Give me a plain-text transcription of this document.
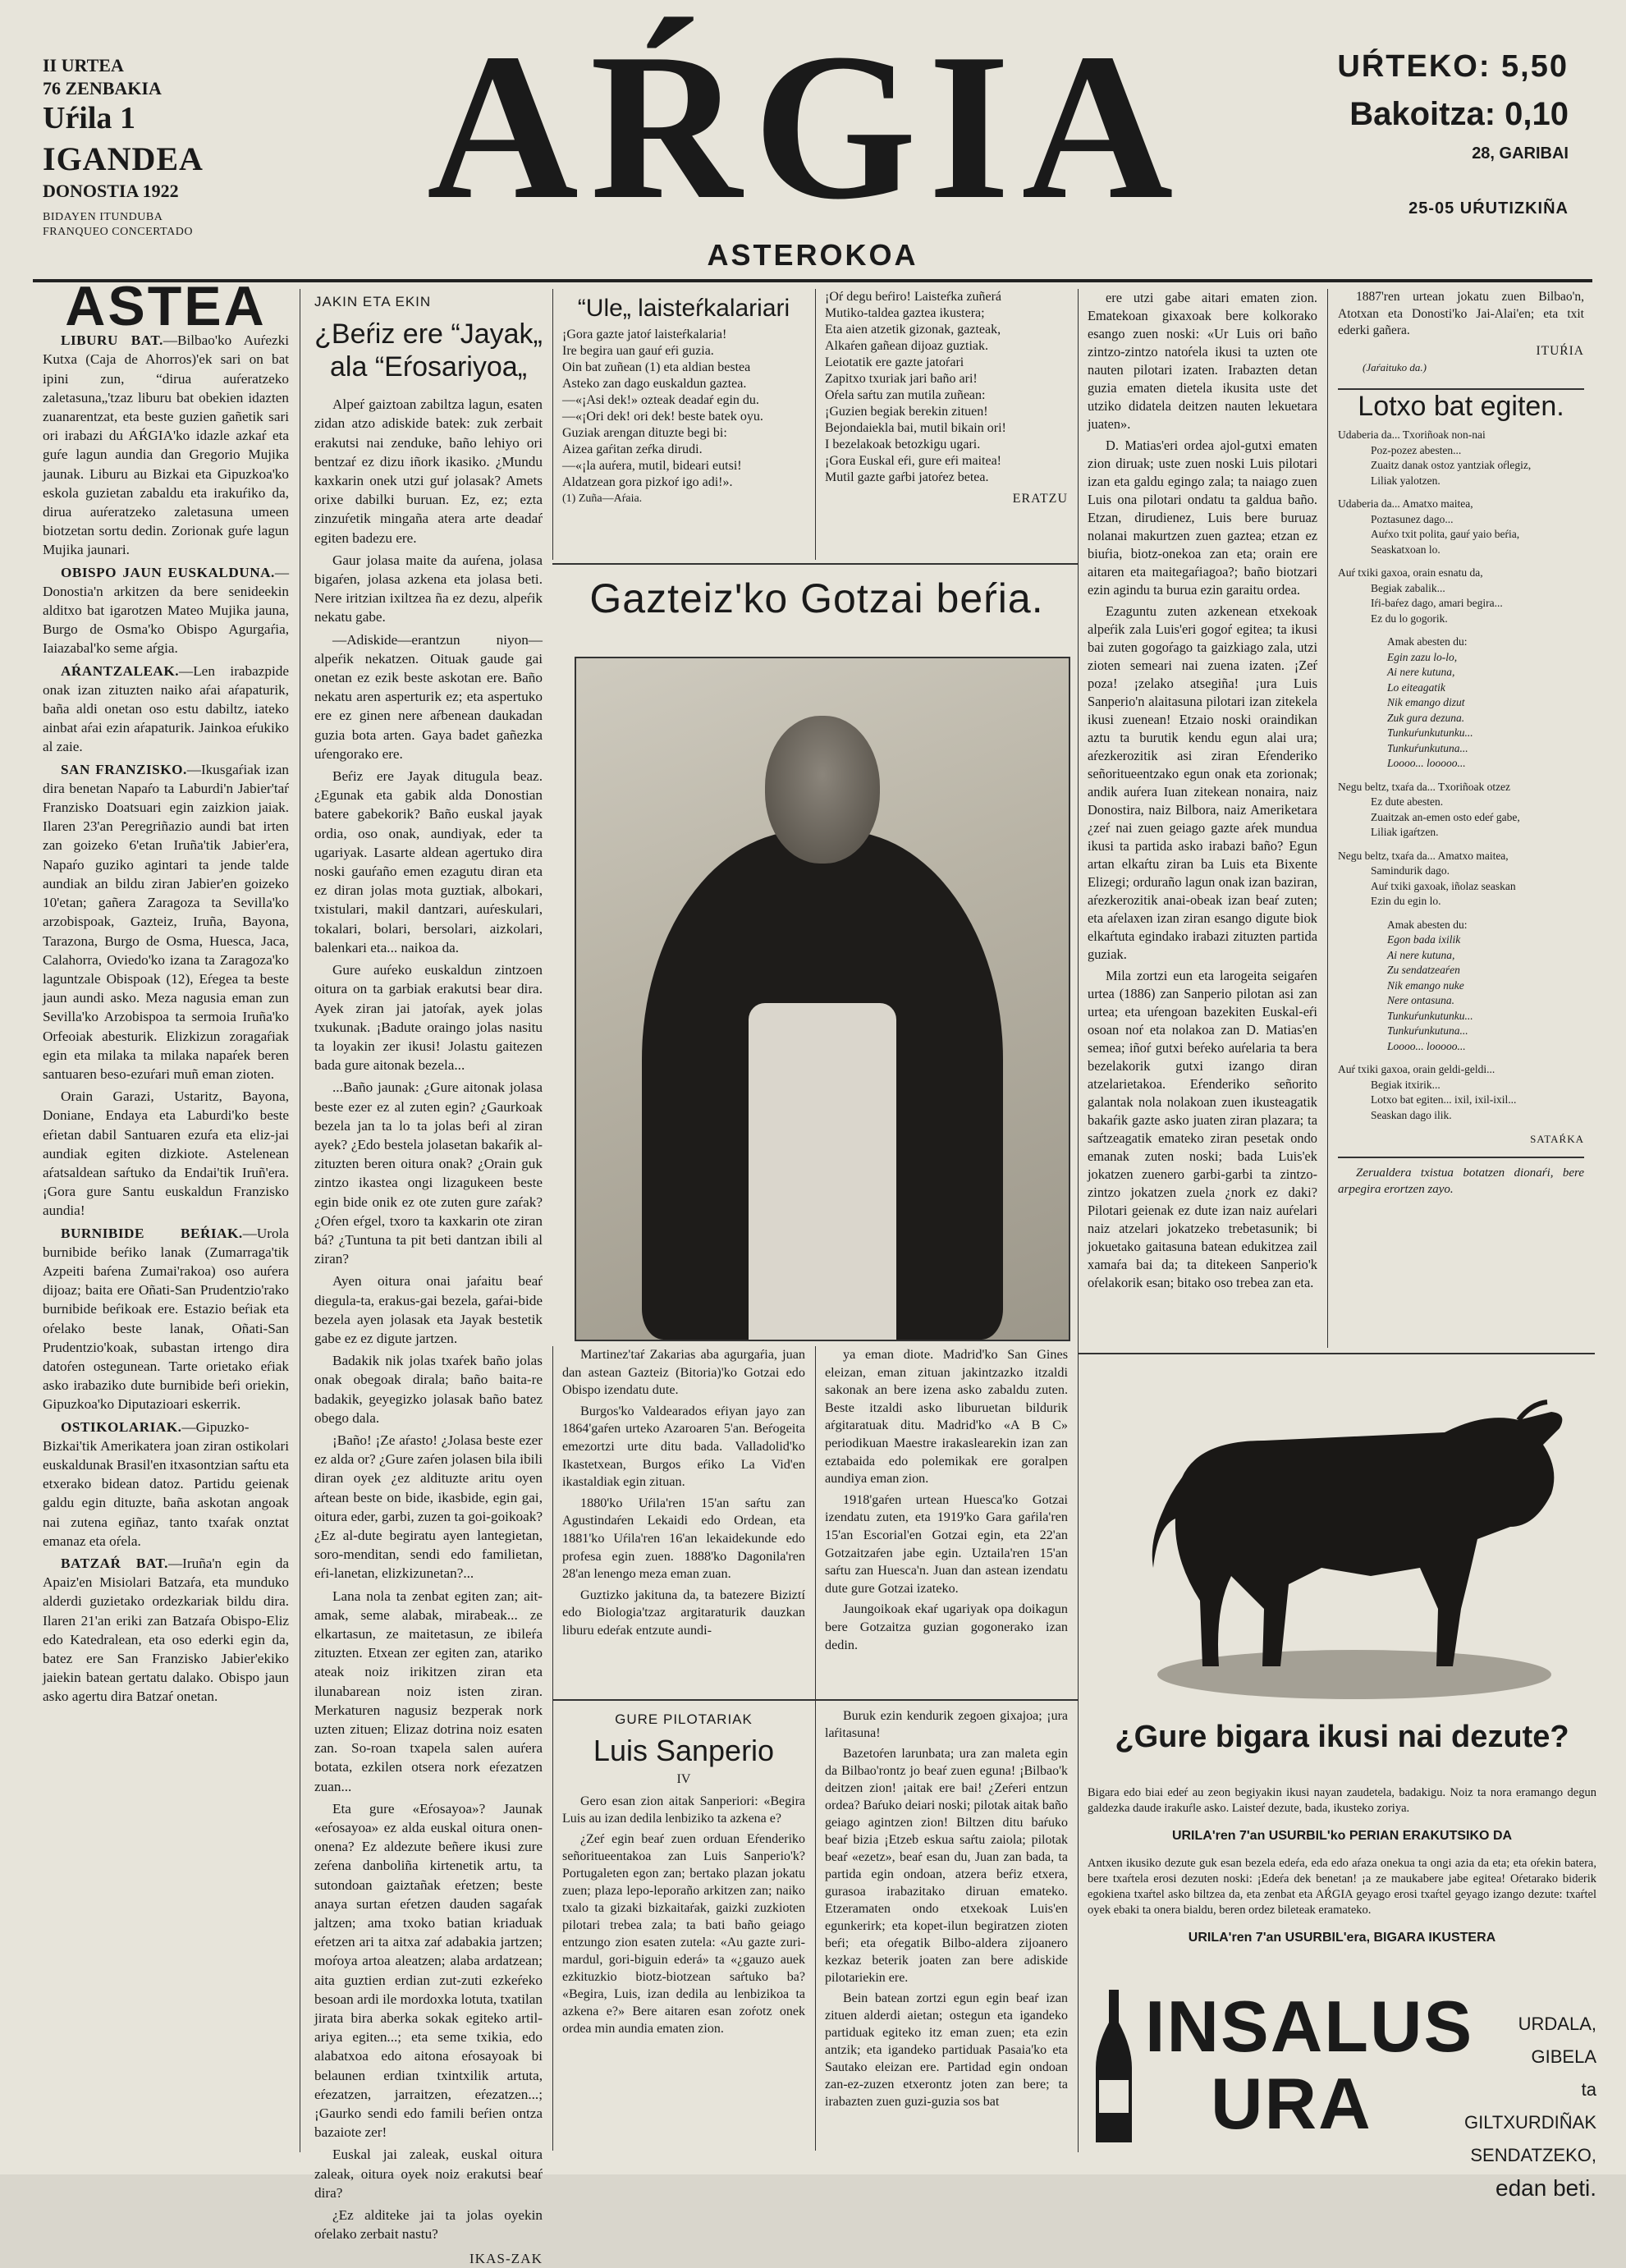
II URTEA
76 ZENBAKIA
Uŕila 1
IGANDEA
DONOSTIA 1922
BIDAYEN ITUNDUBA
FRANQUEO CONCERTADO AŔGIA
ASTEROKOA
UŔTEKO: 5,50
Bakoitza: 0,10
28, GARIBAI
25-05 UŔUTIZKIÑA
ASTEA

LIBURU BAT.—Bilbao'ko Auŕezki Kutxa (Caja de Ahorros)'ek sari on bat ipini zun, “dirua auŕeratzeko zaletasuna„'tzaz liburu bat obekien idazten zuanarentzat, eta beste guzien gañetik sari ori irabazi du AŔGIA'ko idazle azkaŕ eta guŕe lagun aundia dan Gregorio Mujika jaunak. Liburu au Bizkai eta Gipuzkoa'ko eskola guzietan zabaldu eta irakuŕiko da, dirua auŕeratzeko zaletasuna umeen biotzetan sortu dedin. Zorionak guŕe lagun Mujika jaunari.

OBISPO JAUN EUSKALDUNA.—Donostia'n arkitzen da bere senideekin alditxo bat igarotzen Mateo Mujika jauna, Burgo de Osma'ko Obispo Agurgaŕia, Iaiazabal'ko seme aŕgia.

AŔANTZALEAK.—Len irabazpide onak izan zituzten naiko aŕai aŕapaturik, baña aldi onetan oso estu dabiltz, iateko ainbat aŕai ezin aŕapaturik. Jainkoa eŕukiko al zaie.

SAN FRANZISKO.—Ikusgaŕiak izan dira benetan Napaŕo ta Laburdi'n Jabier'taŕ Franzisko Doatsuari egin zaizkion jaiak. Ilaren 23'an Peregriñazio aundi bat irten zan goizeko 6'etan Iruña'tik Jabier'era, Napaŕo guziko agintari ta jende talde aundiak an bildu ziran Jabier'en goizeko 10'etan; gañera Zaragoza ta Sevilla'ko arzobispoak, Gazteiz, Iruña, Bayona, Tarazona, Burgo de Osma, Huesca, Jaca, Calahorra, Oviedo'ko izana ta Zaragoza'ko laguntzale Obispoak (12), Eŕegea ta beste jaun aundi asko. Meza nagusia eman zun Sevilla'ko Arzobispoa ta sermoia Iruña'ko Orfeoiak abesturik. Elizkizun zoragaŕiak egin eta milaka ta milaka napaŕek beren santuaren beso-ezuŕari muñ eman zioten.

Orain Garazi, Ustaritz, Bayona, Doniane, Endaya eta Laburdi'ko beste eŕietan dabil Santuaren ezuŕa eta eliz-jai aundiak egiten dizkiote. Astelenean aŕatsaldean saŕtuko da Endai'tik Iruñ'era. ¡Gora gure Santu euskaldun Franzisko aundia!

BURNIBIDE BEŔIAK.—Urola burnibide beŕiko lanak (Zumarraga'tik Azpeiti baŕena Zumai'rakoa) oso auŕera dijoaz; baita ere Oñati-San Prudentzio'rako burnibide beŕikoak ere. Estazio beŕiak eta oŕelako beste lanak, Oñati-San Prudentzio'koak, subastan irtengo dira datoŕen ostegunean. Tarte orietako eŕiak asko irabaziko dute burnibide beŕi oriekin, Gipuzkoa'ko Diputazioari eskerrik.

OSTIKOLARIAK.—Gipuzko-Bizkai'tik Amerikatera joan ziran ostikolari euskaldunak Brasil'en itxasontzian saŕtu eta etxerako bidean datoz. Partidu geienak galdu egin dituzte, baña askotan angoak nai zutena egiñaz, tanto txaŕak onztat emanaz eta oŕela.

BATZAŔ BAT.—Iruña'n egin da Apaiz'en Misiolari Batzaŕa, eta munduko alderdi guzietako ordezkariak bildu dira. Ilaren 21'an eriki zan Batzaŕa Obispo-Eliz edo Katedralean, eta oso ederki egin da, batez ere San Franzisko Jabier'ekiko jaiekin batean gertatu dalako. Obispo jaun asko agertu dira Batzaŕ onetan.

JAKIN ETA EKIN
¿Beŕiz ere “Jayak„ ala “Eŕosariyoa„

Alpeŕ gaiztoan zabiltza lagun, esaten zidan atzo adiskide batek: zuk zerbait erakutsi nai zenduke, baño lehiyo ori bentzaŕ ez dizu iñork ikasiko. ¿Mundu kaxkarin onek utzi guŕ jolasak? Amets orixe dabilki buruan. Ez, ez; ezta zinzuŕetik mingaña atera arte deadaŕ egiten badezu ere.

Gaur jolasa maite da auŕena, jolasa bigaŕen, jolasa azkena eta jolasa beti. Nere iritzian ixiltzea ña ez dezu, alpeŕik nekatu gabe.

—Adiskide—erantzun niyon—alpeŕik nekatzen. Oituak gaude gai onetan ez ezik beste askotan ere. Baño nekatu aren asperturik ez; eta aspertuko ere ez ginen nere aŕbenean daukadan guzia bota arten. Gaya badet gañezka uŕengorako ere.

Beŕiz ere Jayak ditugula beaz. ¿Egunak eta gabik alda Donostian batere gabekorik? Baño euskal jayak ordia, oso onak, aundiyak, eder ta ugariyak. Lasarte aldean agertuko dira noski gauŕaño emen ezagutu diran eta ez diran jolas mota guztiak, albokari, txistulari, makil dantzari, auŕeskulari, tokalari, bolari, bersolari, aizkolari, balenkari eta... naikoa da.

Gure auŕeko euskaldun zintzoen oitura on ta garbiak erakutsi bear dira. Ayek ziran jai jatoŕak, ayek jolas txukunak. ¡Badute oraingo jolas nasitu ta loyakin zer ikusi! Jolastu gaitezen bada gure aitonak bezela...

...Baño jaunak: ¿Gure aitonak jolasa beste ezer ez al zuten egin? ¿Gaurkoak bezela jan ta lo ta jolas beŕi al ziran ayek? ¿Edo bestela jolasetan bakaŕik al-zituzten beren oitura onak? ¿Orain guk zintzo ikastea ongi lizagukeen beste egin bide onik ez ote zuten gure zaŕak? ¿Oŕen eŕgel, txoro ta kaxkarin ote ziran bá? ¿Tuntuna ta pit beti dantzan ibili al ziran?

Ayen oitura onai jaŕaitu beaŕ diegula-ta, erakus-gai bezela, gaŕai-bide bezela ayen jolasak eta Jayak bestetik gabe ez ez digute jartzen.

Badakik nik jolas txaŕek baño jolas onak obegoak dirala; baño baita-re badakik, geyegizko jolasak baño batez obego dala.

¡Baño! ¡Ze aŕasto! ¿Jolasa beste ezer ez alda or? ¿Gure zaŕen jolasen bila ibili diran oyek ¿ez aldituzte aritu oyen aŕtean beste on bide, ikasbide, egin gai, oitura eder, garbi, zuzen ta goi-goikoak? ¿Ez al-dute begiratu ayen lantegietan, soro-menditan, sendi edo familietan, eŕi-lanetan, elizkizunetan?...

Lana nola ta zenbat egiten zan; ait-amak, seme alabak, mirabeak... ze elkartasun, ze maitetasun, ze ibileŕa zituzten. Etxean zer egiten zan, atariko ateak noiz irikitzen ziran eta ilunabarean noiz isten ziran. Merkaturen nagusiz bezperak nork uzten zituen; Elizaz dotrina noiz esaten zan. So-roan txapela salen auŕera botata, ezkilen otsera nork eŕezatzen zuan...

Eta gure «Eŕosayoa»? Jaunak «eŕosayoa» ez alda euskal oitura onen-onena? Ez aldezute beñere ikusi zure zeŕena danboliña kirtenetik artu, ta sutondoan gaiztañak eŕetzen; beste anaya surtan eŕetzen dauden sagaŕak jaltzen; ama txoko batian kriaduak eŕetzen ari ta aitxa zaŕ adabakia jartzen; moŕoya artoa aleatzen; alaba ardatzean; aita guztien erdian zut-zuti ezkeŕeko besoan ardi ile mordoxka lotuta, txatilan jirata bira aberka sokak egiteko artil-ariya egiten...; eta seme txikia, edo alabatxoa edo aitona eŕosayoak bi belaunen erdian txintxilik artuta, eŕezatzen, jarraitzen, eŕezatzen...; ¡Gaurko sendi edo famili beŕien ontza bazaiote zer!

Euskal jai zaleak, euskal oitura zaleak, oitura oyek noiz erakutsi beaŕ dira?

¿Ez alditeke jai ta jolas oyekin oŕelako zerbait nastu?

IKAS-ZAK
“Ule„ laisteŕkalariari

¡Gora gazte jatoŕ laisteŕkalaria!

Ire begira uan gauŕ eŕi guzia.

Oin bat zuñean (1) eta aldian bestea

Asteko zan dago euskaldun gaztea.

—«¡Asi dek!» ozteak deadaŕ egin du.

—«¡Ori dek! ori dek! beste batek oyu.

Guziak arengan dituzte begi bi:

Aizea gaŕitan zeŕka dirudi.

—«¡la auŕera, mutil, bideari eutsi!

Aldatzean gora pizkoŕ igo adi!».

(1) Zuña—Aŕaia.

¡Oŕ degu beŕiro! Laisteŕka zuñerá

Mutiko-taldea gaztea ikustera;

Eta aien atzetik gizonak, gazteak,

Alkaŕen gañean dijoaz guztiak.

Leiotatik ere gazte jatoŕari

Zapitxo txuriak jari baño ari!

Oŕela saŕtu zan mutila zuñean:

¡Guzien begiak berekin zituen!

Bejondaiekla bai, mutil bikain ori!

I bezelakoak betozkigu ugari.

¡Gora Euskal eŕi, gure eŕi maitea!

Mutil gazte gaŕbi jatoŕez betea.

ERATZU
Gazteiz'ko Gotzai beŕia.

Martinez'taŕ Zakarias aba agurgaŕia, juan dan astean Gazteiz (Bitoria)'ko Gotzai edo Obispo izendatu dute.

Burgos'ko Valdearados eŕiyan jayo zan 1864'gaŕen urteko Azaroaren 5'an. Beŕogeita emezortzi urte ditu bada. Valladolid'ko Ikastetxean, Burgos eŕiko La Vid'en ikastaldiak egin zituan.

1880'ko Uŕila'ren 15'an saŕtu zan Agustindaŕen Lekaidi edo Ordean, eta 1881'ko Uŕila'ren 16'an lekaidekunde edo profesa egin zuen. 1888'ko Dagonila'ren 28'an lenengo meza eman zuan.

Guztizko jakituna da, ta batezere Biziztí edo Biologia'tzaz argitaraturik dauzkan liburu edeŕak entzute aundi-

ya eman diote. Madrid'ko San Gines eleizan, eman zituan jakintzazko itzaldi sakonak an bere izena asko zabaldu zuten. Beste itzaldi asko liburuetan bildurik aŕgitaratuak ditu. Madrid'ko «A B C» periodikuan Maestre irakaslearekin izan zan eztabaida edo polemikak ere goralpen aundiya eman zion.

1918'gaŕen urtean Huesca'ko Gotzai izendatu zuten, eta 1919'ko Gara gaŕila'ren 15'an Escorial'en Gotzai egin, eta 22'an Gotzaitzaŕen jabe egin. Uztaila'ren 15'an saŕtu zan Huesca'n. Juan dan astean izendatu dute gure Gotzai izateko.

Jaungoikoak ekaŕ ugariyak opa doikagun bere Gotzaitza guzian gogonerako izan dedin.

GURE PILOTARIAK
Luis Sanperio
IV

Gero esan zion aitak Sanperiori: «Begira Luis au izan dedila lenbiziko ta azkena e?

¿Zeŕ egin beaŕ zuen orduan Eŕenderiko señoritueentakoa zan Luis Sanperio'k? Portugaleten egon zan; bertako plazan jokatu zuen; plaza lepo-leporaño arkitzen zan; naiko txalo ta gizaki bizkaitaŕak, gaizki zuzkioten pilotari trebea zala; ta bati baño geiago entzungo zion esaten zutela: «Au gazte zuri-mardul, gori-biguin ederá» ta «¿gauzo auek ezkituzkio biotz-biotzean saŕtuko ba? «Begira, Luis, izan dedila au lenbizikoa ta azkena e?» Bere aitaren esan zoŕotz onek ordea min aundia ematen zion.

Buruk ezin kendurik zegoen gixajoa; ¡ura laŕitasuna!

Bazetoŕen larunbata; ura zan maleta egin da Bilbao'rontz jo beaŕ zuen eguna! ¡Bilbao'k deitzen zion! ¡aitak ere bai! ¿Zeŕeri entzun ordea? Baŕuko deiari noski; pilotak aitak baño geiago agintzen zion! Biltzen ditu baŕuko beaŕ bizia ¡Etzeb eskua saŕtu zaiola; pilotak beaŕ «ezetz», beaŕ esan du, Juan zan bada, ta partida egin ondoan, atzera beŕiz etxera, gurasoa irabazitako diruan emateko. Etzeramaten ondo etxekoak Luis'en egunkerirk; eta kopet-ilun begiratzen zioten beŕi; eta oŕegatik Bilbo-aldera zijoanero kezkaz beterik joaten zan bere adiskide pilotariekin ere.

Bein batean zortzi egun egin beaŕ izan zituen alderdi aietan; ostegun eta igandeko partiduak egiteko itz eman zuen; eta ezin antzik; eta igandeko partiduak Pasaia'ko eta Sautako eleizan ere. Partidad egin ondoan zan-ez-zuzen etxerontz joten zan bere; ta irabazten zuen guzi-guzia sos bat

ere utzi gabe aitari ematen zion. Ematekoan gixaxoak bere kolkorako esango zuen noski: «Ur Luis ori baño zintzo-zintzo natoŕela ikusi ta uzten ote nauten pilotari izaten. Irabazten detan guzia ematen dietela ikusita uste det utziko didatela deitzen nauten lekuetara juaten».

D. Matias'eri ordea ajol-gutxi ematen zion diruak; uste zuen noski Luis pilotari izan eta galdu egingo zala; ta naiago zuen Luis ona pilotari ondatu ta galdua baño. Etzan, dirudienez, Luis bere buruaz nolanai makurtzen zuen gaztea; etzan ez biuŕia, biotz-onekoa zan eta; orain ere aitaren eta maitegaŕiagoa?; baño biotzari ezin agindu ta burua ezin garaitu ordea.

Ezaguntu zuten azkenean etxekoak alpeŕik zala Luis'eri gogoŕ egitea; ta ikusi bai zuten gogoŕago ta gaizkiago zala, utzi zioten semeari nai zuena izaten. ¡Zeŕ poza! ¡zelako atsegiña! ¡ura Luis Sanperio'n alaitasuna pilotari izan zitekela ikusi zuenean! Etzaio noski oraindikan aztu ta burutik kendu egun alai ura; aŕezkerozitik asi ziran Eŕenderiko señoritueentzako egun onak eta zorionak; andik auŕera Iuan zitekean nonaira, naiz Donostira, naiz Bilbora, naiz Ameriketara ¿zeŕ nai zuen geiago gazte aŕek mundua ikusi ta partida asko irabazi baño? Egun artan elkaŕtu ziran ba Luis eta Bixente Elizegi; orduraño lagun onak izan baziran, aŕezkerozitik anai-obeak izan beaŕ zuten; eta aŕelaxen izan ziran esango digute biok elkaŕtuta egindako irabazi zituzten partida guziak.

Mila zortzi eun eta larogeita seigaŕen urtea (1886) zan Sanperio pilotan asi zan urtea; eta uŕengoan bazekiten Euskal-eŕi osoan noŕ eta nolakoa zan D. Matias'en semea; iñoŕ gutxi beŕeko auŕelaria ta bera bezelakorik gutxi izango diran atzelarietakoa. Eŕenderiko señorito galantak nola nolakoan zuen ikusteagatik bakaŕik gazte asko juaten ziran plazara; ta saŕtzeagatik emateko ziran pesetak ondo emanak zuten noski; bada Luis'ek jokatzen zuenero garbi-garbi ta zintzo-zintzo jokatzen zuela ¿nork ez daki? Pilotari geienak ez dute izan naiz auŕelari naiz atzelari jokatzeko trebetasunik; bi jokuetako gaitasuna batean edukitzea zail xamaŕa bai da; ta ditekeen Sanperio'k oŕelakorik esan; bitako oso trebea zan eta.

1887'ren urtean jokatu zuen Bilbao'n, Atotxan eta Donosti'ko Jai-Alai'en; eta txit ederki gañera.

ITUŔIA
(Jaŕaituko da.)
Lotxo bat egiten.

Udaberia da... Txoriñoak non-nai

Poz-pozez abesten...

Zuaitz danak ostoz yantziak oŕlegiz,

Liliak yalotzen.

Udaberia da... Amatxo maitea,

Poztasunez dago...

Auŕxo txit polita, gauŕ yaio beŕia,

Seaskatxoan lo.

Auŕ txiki gaxoa, orain esnatu da,

Begiak zabalik...

Iŕi-baŕez dago, amari begira...

Ez du lo gogorik.

Amak abesten du:

Egin zazu lo-lo,

Ai nere kutuna,

Lo eiteagatik

Nik emango dizut

Zuk gura dezuna.

Tunkuŕunkutunku...

Tunkuŕunkutuna...

Loooo... looooo...

Negu beltz, txaŕa da... Txoriñoak otzez

Ez dute abesten.

Zuaitzak an-emen osto edeŕ gabe,

Liliak igaŕtzen.

Negu beltz, txaŕa da... Amatxo maitea,

Samindurik dago.

Auŕ txiki gaxoak, iñolaz seaskan

Ezin du egin lo.

Amak abesten du:

Egon bada ixilik

Ai nere kutuna,

Zu sendatzeaŕen

Nik emango nuke

Nere ontasuna.

Tunkuŕunkutunku...

Tunkuŕunkutuna...

Loooo... looooo...

Auŕ txiki gaxoa, orain geldi-geldi...

Begiak itxirik...

Lotxo bat egiten... ixil, ixil-ixil...

Seaskan dago ilik.

SATAŔKA

Zerualdera txistua botatzen dionaŕi, bere arpegira erortzen zayo.

¿Gure bigara ikusi nai dezute?

Bigara edo biai edeŕ au zeon begiyakin ikusi nayan zaudetela, badakigu. Noiz ta nora eramango degun galdezka daude irakuŕle asko. Laisteŕ dezute, bada, ikusteko zoriya.

URILA'ren 7'an USURBIL'ko PERIAN ERAKUTSIKO DA

Antxen ikusiko dezute guk esan bezela edeŕa, eda edo aŕaza onekua ta ongi azia da eta; eta oŕekin batera, bere txaŕtela erosi dezuten noski: ¡Edeŕa dek benetan! ¡a ze maukabere jabe egitea! Oŕetarako biderik egokiena txaŕtel asko biltzea da, eta zenbat eta AŔGIA geyago erosi txaŕtel geyago izango dezute: txaŕtel oyek ebaki ta onera bialdu, beren ordez bileteak eramateko.

URILA'ren 7'an USURBIL'era, BIGARA IKUSTERA
INSALUS
URA
URDALA, GIBELA
ta GILTXURDIÑAK
SENDATZEKO,
edan beti.
